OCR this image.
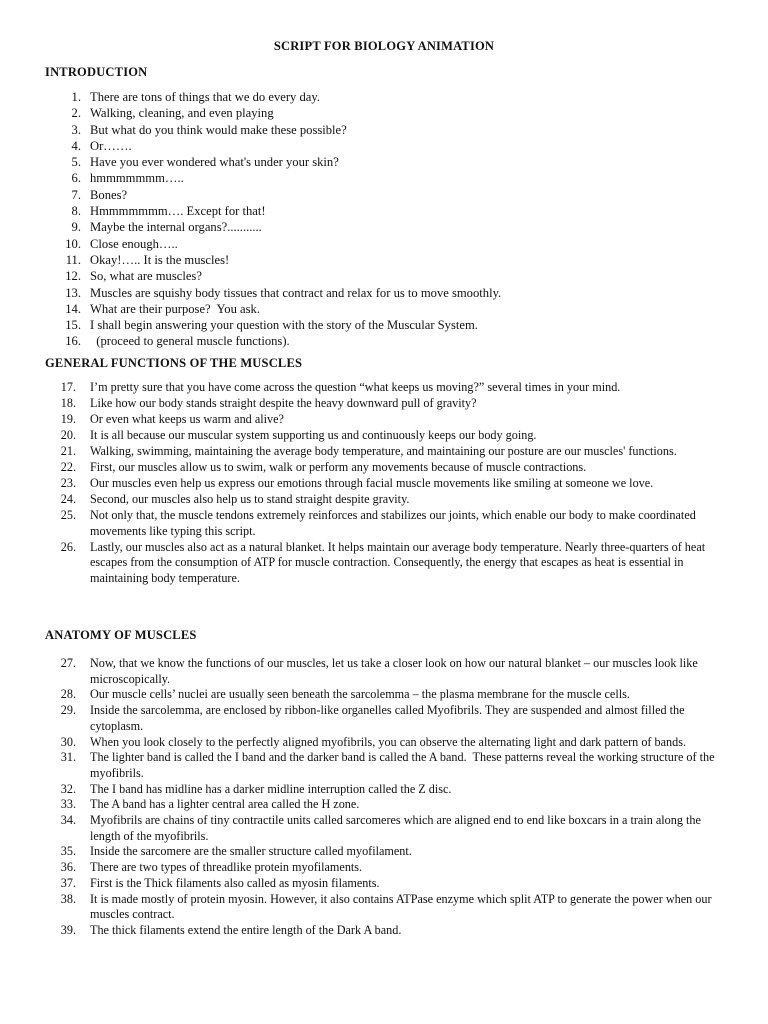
SCRIPT FOR BIOLOGY ANIMATION
INTRODUCTION
1. There are tons of things that we do every day.
2. Walking, cleaning, and even playing
3. But what do you think would make these possible?
4. Or…….
5. Have you ever wondered what's under your skin?
6. hmmmmmmm…..
7. Bones?
8. Hmmmmmmm…. Except for that!
9. Maybe the internal organs?...........
10. Close enough…..
11. Okay!….. It is the muscles!
12. So, what are muscles?
13. Muscles are squishy body tissues that contract and relax for us to move smoothly.
14. What are their purpose?  You ask.
15. I shall begin answering your question with the story of the Muscular System.
16. (proceed to general muscle functions).
GENERAL FUNCTIONS OF THE MUSCLES
17.	I’m pretty sure that you have come across the question “what keeps us moving?” several times in your mind.
18.	Like how our body stands straight despite the heavy downward pull of gravity?
19.	Or even what keeps us warm and alive?
20.	It is all because our muscular system supporting us and continuously keeps our body going.
21.	Walking, swimming, maintaining the average body temperature, and maintaining our posture are our muscles' functions.
22.	First, our muscles allow us to swim, walk or perform any movements because of muscle contractions.
23.	Our muscles even help us express our emotions through facial muscle movements like smiling at someone we love.
24.	Second, our muscles also help us to stand straight despite gravity.
25.	Not only that, the muscle tendons extremely reinforces and stabilizes our joints, which enable our body to make coordinated movements like typing this script.
26.	Lastly, our muscles also act as a natural blanket. It helps maintain our average body temperature. Nearly three-quarters of heat escapes from the consumption of ATP for muscle contraction. Consequently, the energy that escapes as heat is essential in maintaining body temperature.
ANATOMY OF MUSCLES
27.	Now, that we know the functions of our muscles, let us take a closer look on how our natural blanket – our muscles look like microscopically.
28.	Our muscle cells’ nuclei are usually seen beneath the sarcolemma – the plasma membrane for the muscle cells.
29.	Inside the sarcolemma, are enclosed by ribbon-like organelles called Myofibrils. They are suspended and almost filled the cytoplasm.
30.	When you look closely to the perfectly aligned myofibrils, you can observe the alternating light and dark pattern of bands.
31.	The lighter band is called the I band and the darker band is called the A band.  These patterns reveal the working structure of the myofibrils.
32.	The I band has midline has a darker midline interruption called the Z disc.
33.	The A band has a lighter central area called the H zone.
34.	Myofibrils are chains of tiny contractile units called sarcomeres which are aligned end to end like boxcars in a train along the length of the myofibrils.
35.	Inside the sarcomere are the smaller structure called myofilament.
36.	There are two types of threadlike protein myofilaments.
37.	First is the Thick filaments also called as myosin filaments.
38.	It is made mostly of protein myosin. However, it also contains ATPase enzyme which split ATP to generate the power when our muscles contract.
39.	The thick filaments extend the entire length of the Dark A band.
